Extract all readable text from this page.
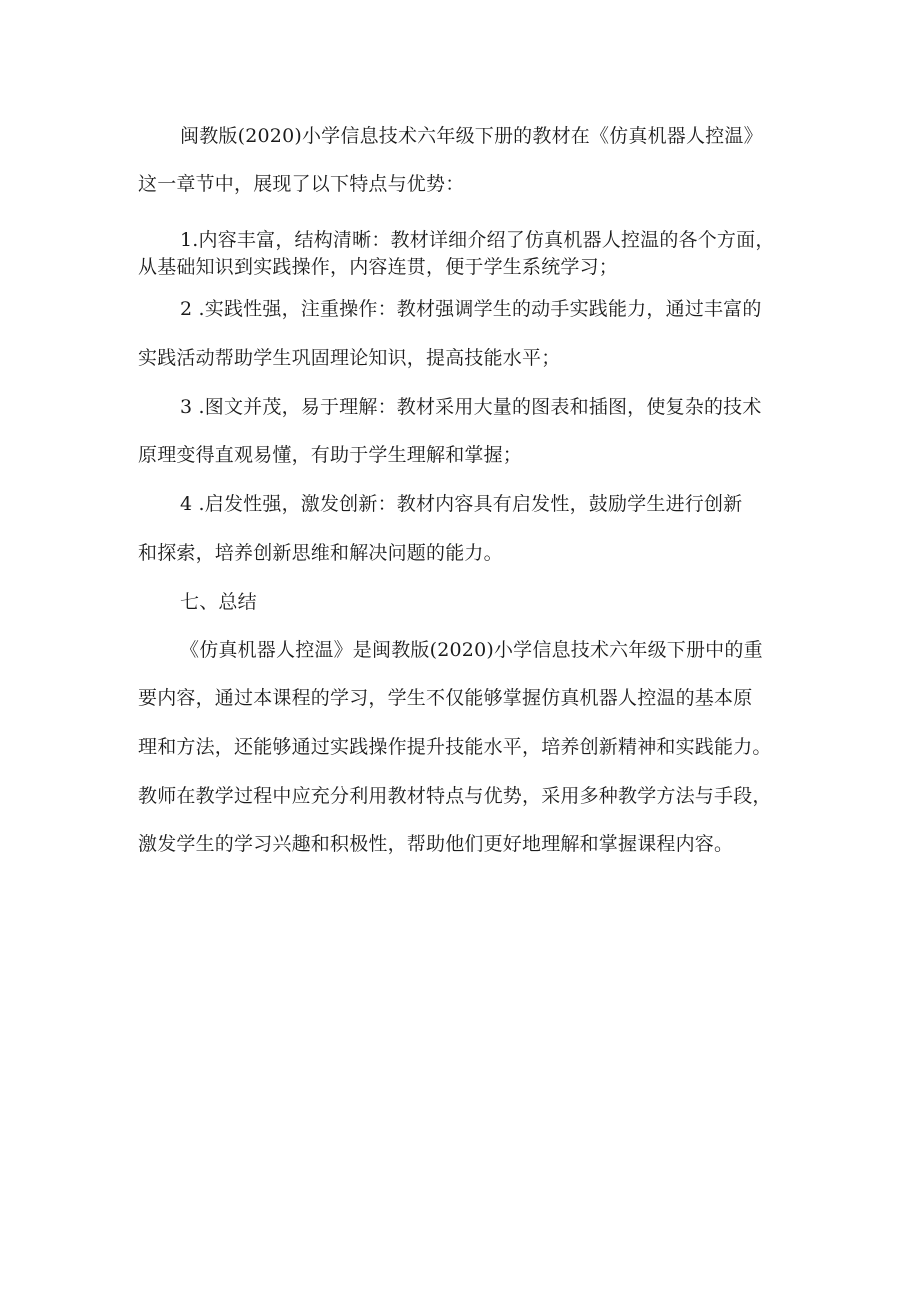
闽教版(2020)小学信息技术六年级下册的教材在《仿真机器人控温》

这一章节中，展现了以下特点与优势：

1.内容丰富，结构清晰：教材详细介绍了仿真机器人控温的各个方面，

从基础知识到实践操作，内容连贯，便于学生系统学习；

2 .实践性强，注重操作：教材强调学生的动手实践能力，通过丰富的

实践活动帮助学生巩固理论知识，提高技能水平；

3 .图文并茂，易于理解：教材采用大量的图表和插图，使复杂的技术

原理变得直观易懂，有助于学生理解和掌握；

4 .启发性强，激发创新：教材内容具有启发性，鼓励学生进行创新

和探索，培养创新思维和解决问题的能力。

七、总结

《仿真机器人控温》是闽教版(2020)小学信息技术六年级下册中的重

要内容，通过本课程的学习，学生不仅能够掌握仿真机器人控温的基本原

理和方法，还能够通过实践操作提升技能水平，培养创新精神和实践能力。

教师在教学过程中应充分利用教材特点与优势，采用多种教学方法与手段，

激发学生的学习兴趣和积极性，帮助他们更好地理解和掌握课程内容。
